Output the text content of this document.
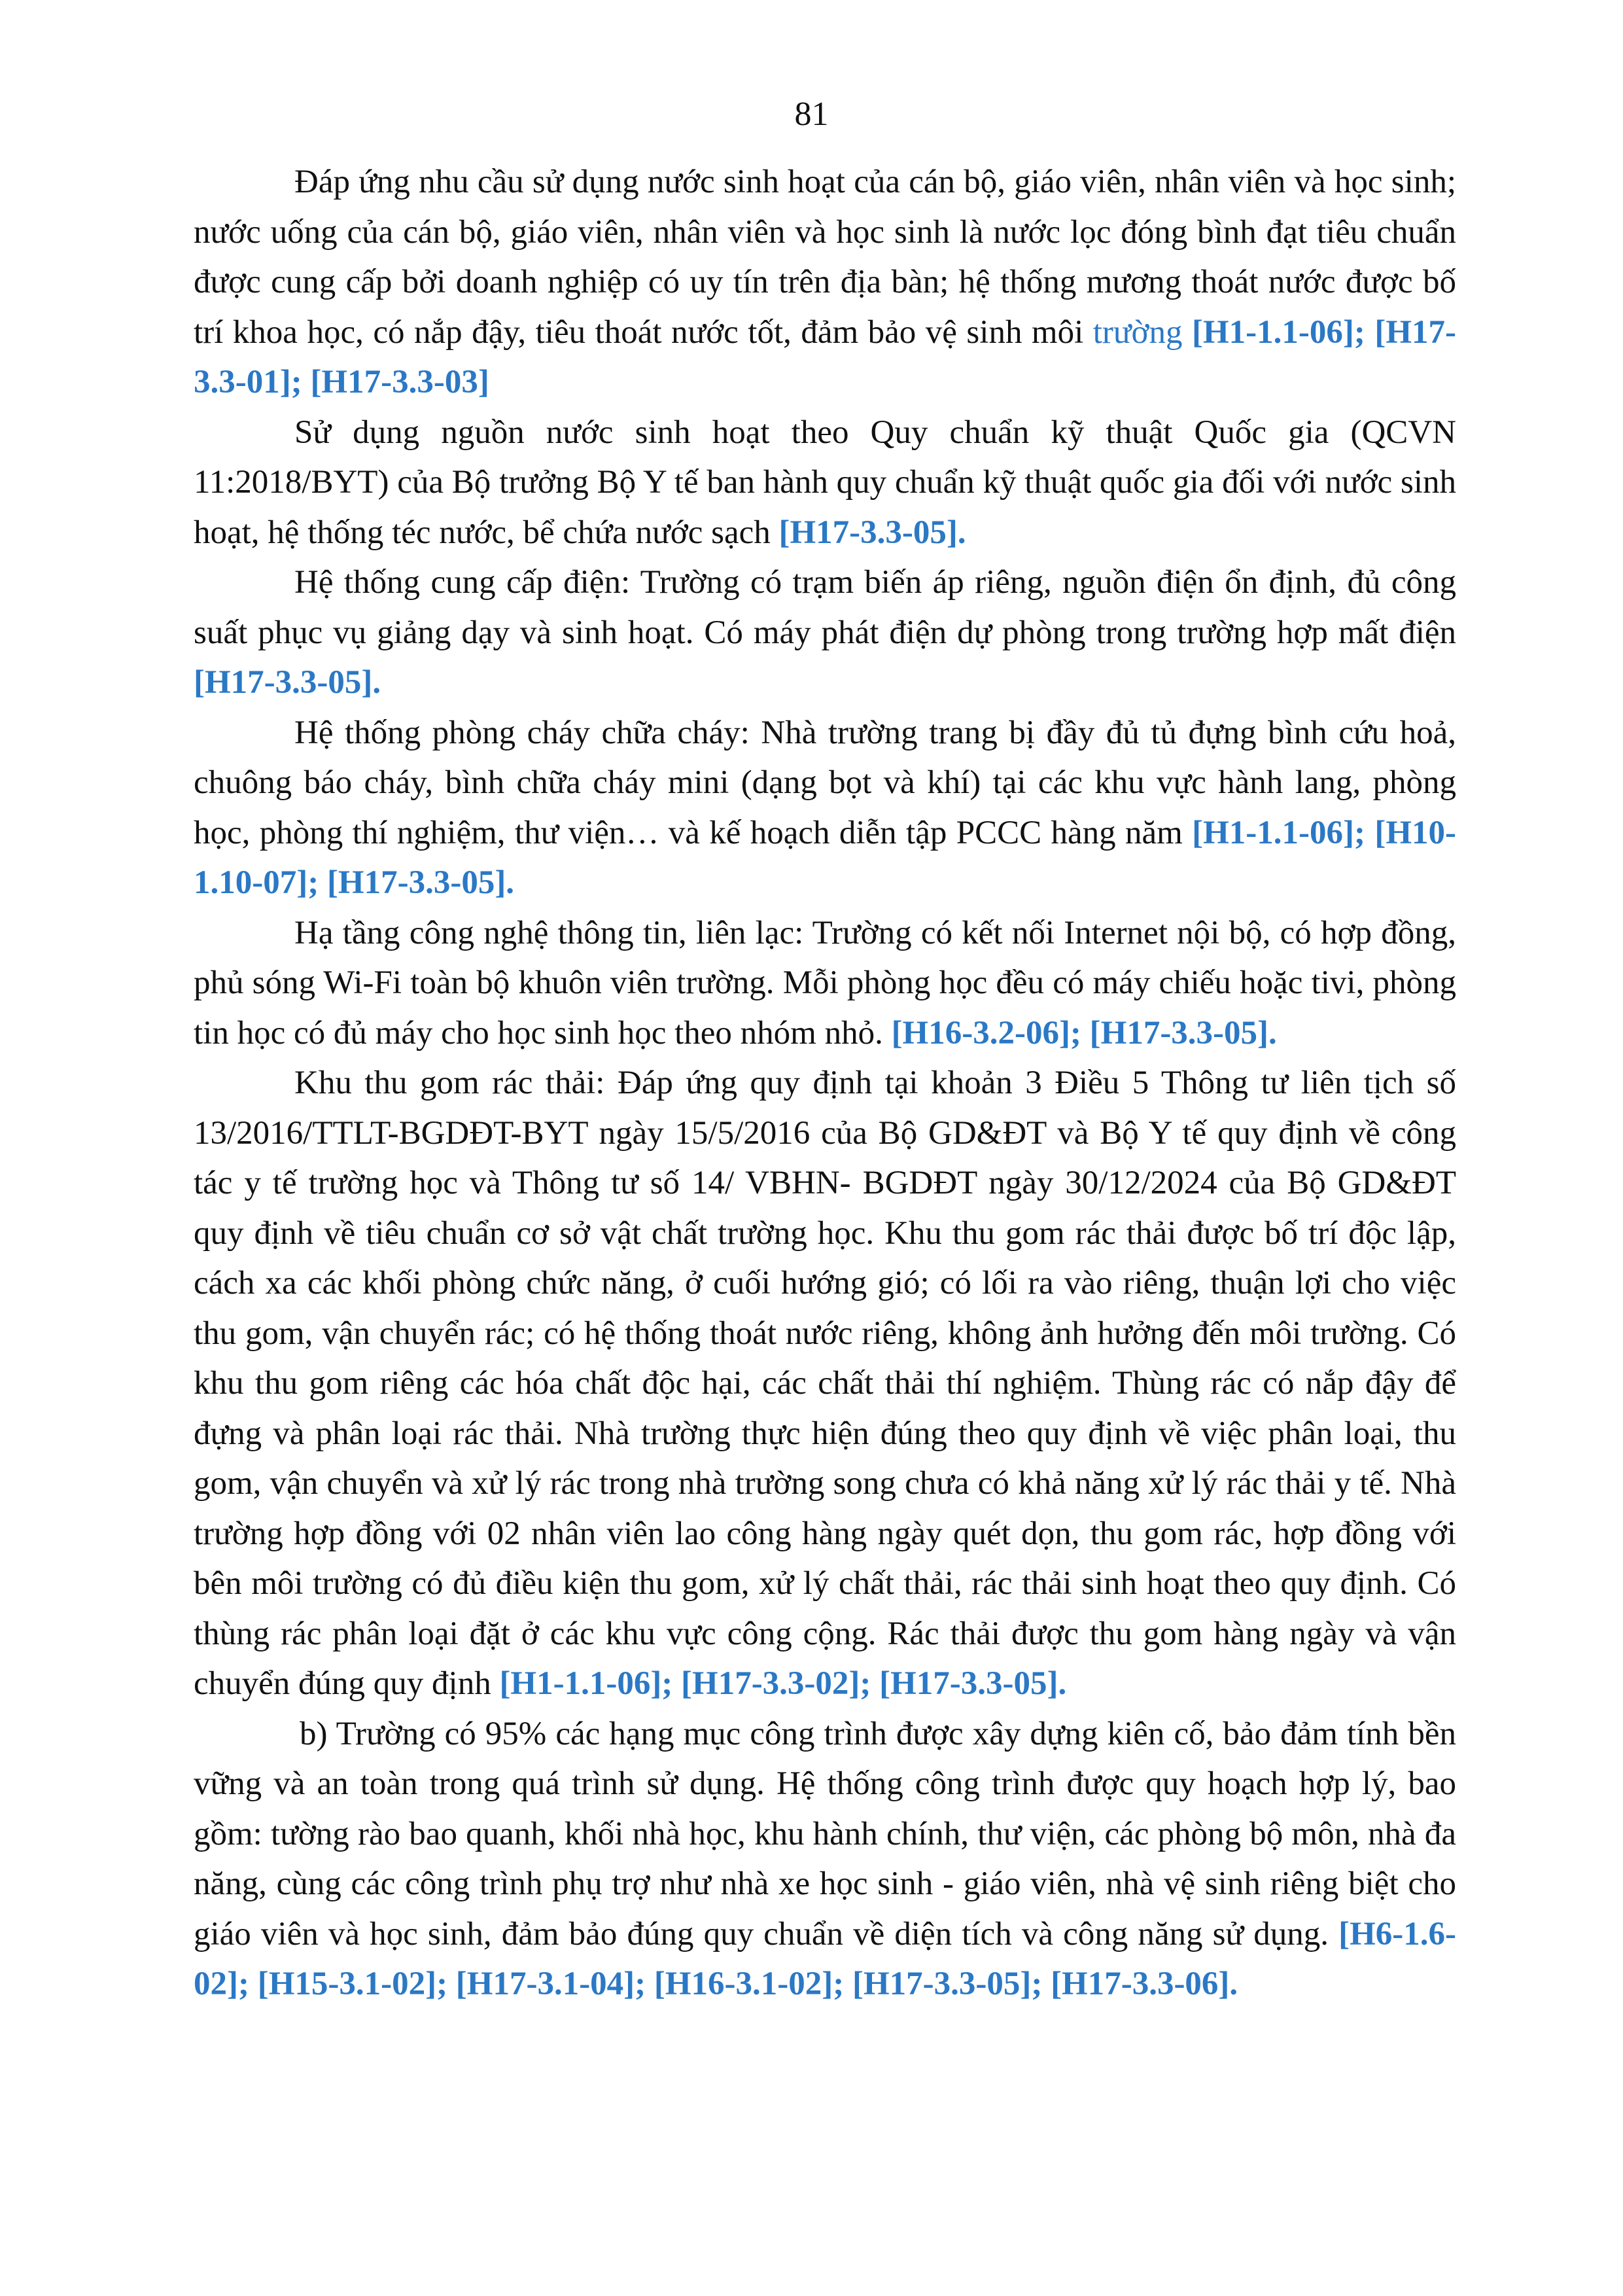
81

Đáp ứng nhu cầu sử dụng nước sinh hoạt của cán bộ, giáo viên, nhân viên và học sinh; nước uống của cán bộ, giáo viên, nhân viên và học sinh là nước lọc đóng bình đạt tiêu chuẩn được cung cấp bởi doanh nghiệp có uy tín trên địa bàn; hệ thống mương thoát nước được bố trí khoa học, có nắp đậy, tiêu thoát nước tốt, đảm bảo vệ sinh môi trường [H1-1.1-06]; [H17-3.3-01]; [H17-3.3-03]

Sử dụng nguồn nước sinh hoạt theo Quy chuẩn kỹ thuật Quốc gia (QCVN 11:2018/BYT) của Bộ trưởng Bộ Y tế ban hành quy chuẩn kỹ thuật quốc gia đối với nước sinh hoạt, hệ thống téc nước, bể chứa nước sạch [H17-3.3-05].

Hệ thống cung cấp điện: Trường có trạm biến áp riêng, nguồn điện ổn định, đủ công suất phục vụ giảng dạy và sinh hoạt. Có máy phát điện dự phòng trong trường hợp mất điện [H17-3.3-05].

Hệ thống phòng cháy chữa cháy: Nhà trường trang bị đầy đủ tủ đựng bình cứu hoả, chuông báo cháy, bình chữa cháy mini (dạng bọt và khí) tại các khu vực hành lang, phòng học, phòng thí nghiệm, thư viện… và kế hoạch diễn tập PCCC hàng năm [H1-1.1-06]; [H10-1.10-07]; [H17-3.3-05].

Hạ tầng công nghệ thông tin, liên lạc: Trường có kết nối Internet nội bộ, có hợp đồng, phủ sóng Wi-Fi toàn bộ khuôn viên trường. Mỗi phòng học đều có máy chiếu hoặc tivi, phòng tin học có đủ máy cho học sinh học theo nhóm nhỏ. [H16-3.2-06]; [H17-3.3-05].

Khu thu gom rác thải: Đáp ứng quy định tại khoản 3 Điều 5 Thông tư liên tịch số 13/2016/TTLT-BGDĐT-BYT ngày 15/5/2016 của Bộ GD&ĐT và Bộ Y tế quy định về công tác y tế trường học và Thông tư số 14/ VBHN- BGDĐT ngày 30/12/2024 của Bộ GD&ĐT quy định về tiêu chuẩn cơ sở vật chất trường học. Khu thu gom rác thải được bố trí độc lập, cách xa các khối phòng chức năng, ở cuối hướng gió; có lối ra vào riêng, thuận lợi cho việc thu gom, vận chuyển rác; có hệ thống thoát nước riêng, không ảnh hưởng đến môi trường. Có khu thu gom riêng các hóa chất độc hại, các chất thải thí nghiệm. Thùng rác có nắp đậy để đựng và phân loại rác thải. Nhà trường thực hiện đúng theo quy định về việc phân loại, thu gom, vận chuyển và xử lý rác trong nhà trường song chưa có khả năng xử lý rác thải y tế. Nhà trường hợp đồng với 02 nhân viên lao công hàng ngày quét dọn, thu gom rác, hợp đồng với bên môi trường có đủ điều kiện thu gom, xử lý chất thải, rác thải sinh hoạt theo quy định. Có thùng rác phân loại đặt ở các khu vực công cộng. Rác thải được thu gom hàng ngày và vận chuyển đúng quy định [H1-1.1-06]; [H17-3.3-02]; [H17-3.3-05].

b) Trường có 95% các hạng mục công trình được xây dựng kiên cố, bảo đảm tính bền vững và an toàn trong quá trình sử dụng. Hệ thống công trình được quy hoạch hợp lý, bao gồm: tường rào bao quanh, khối nhà học, khu hành chính, thư viện, các phòng bộ môn, nhà đa năng, cùng các công trình phụ trợ như nhà xe học sinh - giáo viên, nhà vệ sinh riêng biệt cho giáo viên và học sinh, đảm bảo đúng quy chuẩn về diện tích và công năng sử dụng. [H6-1.6-02]; [H15-3.1-02]; [H17-3.1-04]; [H16-3.1-02]; [H17-3.3-05]; [H17-3.3-06].
